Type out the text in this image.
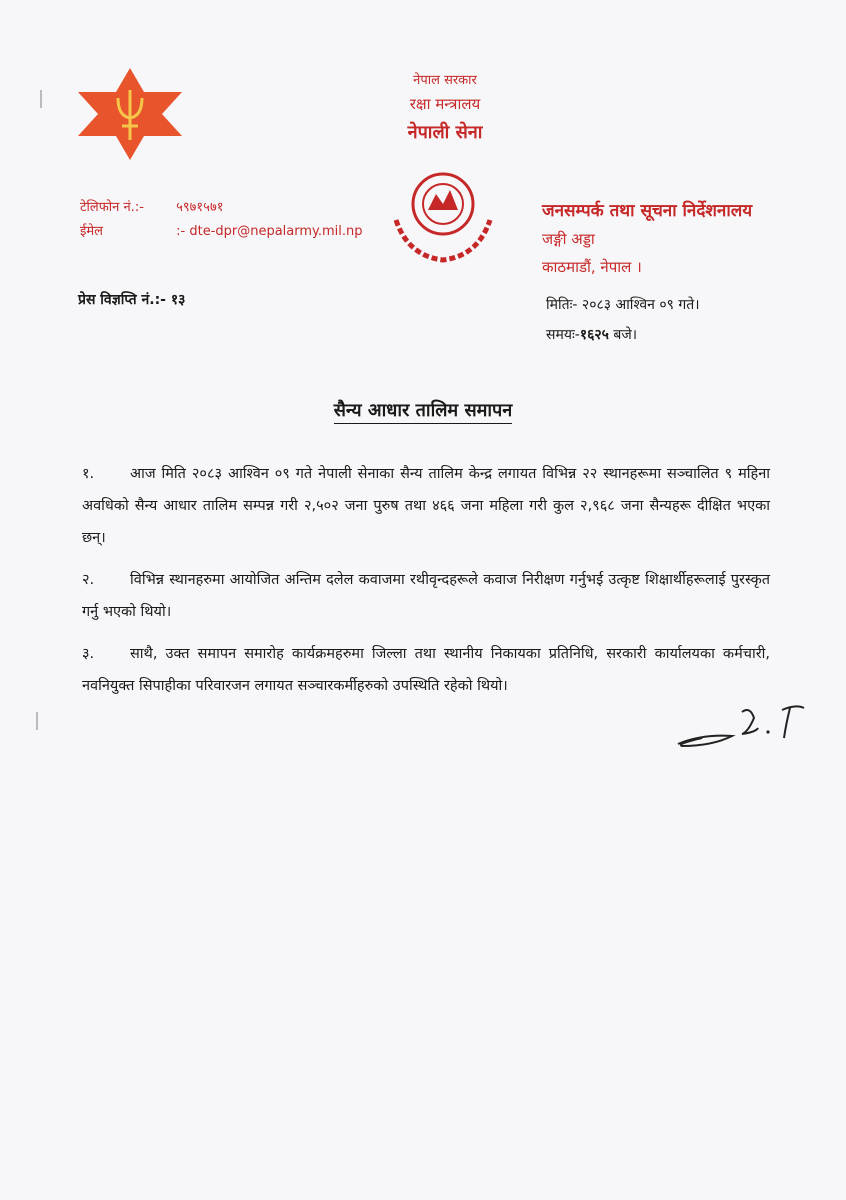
नेपाल सरकार
रक्षा मन्त्रालय
नेपाली सेना
टेलिफोन नं.:- ५९७१५७१
ईमेल	:- dte-dpr@nepalarmy.mil.np
जनसम्पर्क तथा सूचना निर्देशनालय
जङ्गी अड्डा
काठमाडौं, नेपाल ।
प्रेस विज्ञप्ति नं.:- १३	मितिः- २०८३ आश्विन ०९ गते।
समयः-१६२५ बजे।
सैन्य आधार तालिम समापन
१. आज मिति २०८३ आश्विन ०९ गते नेपाली सेनाका सैन्य तालिम केन्द्र लगायत विभिन्न २२ स्थानहरूमा सञ्चालित ९ महिना अवधिको सैन्य आधार तालिम सम्पन्न गरी २,५०२ जना पुरुष तथा ४६६ जना महिला गरी कुल २,९६८ जना सैन्यहरू दीक्षित भएका छन्।
२. विभिन्न स्थानहरुमा आयोजित अन्तिम दलेल कवाजमा रथीवृन्दहरूले कवाज निरीक्षण गर्नुभई उत्कृष्ट शिक्षार्थीहरूलाई पुरस्कृत गर्नु भएको थियो।
३. साथै, उक्त समापन समारोह कार्यक्रमहरुमा जिल्ला तथा स्थानीय निकायका प्रतिनिधि, सरकारी कार्यालयका कर्मचारी, नवनियुक्त सिपाहीका परिवारजन लगायत सञ्चारकर्मीहरुको उपस्थिति रहेको थियो।
